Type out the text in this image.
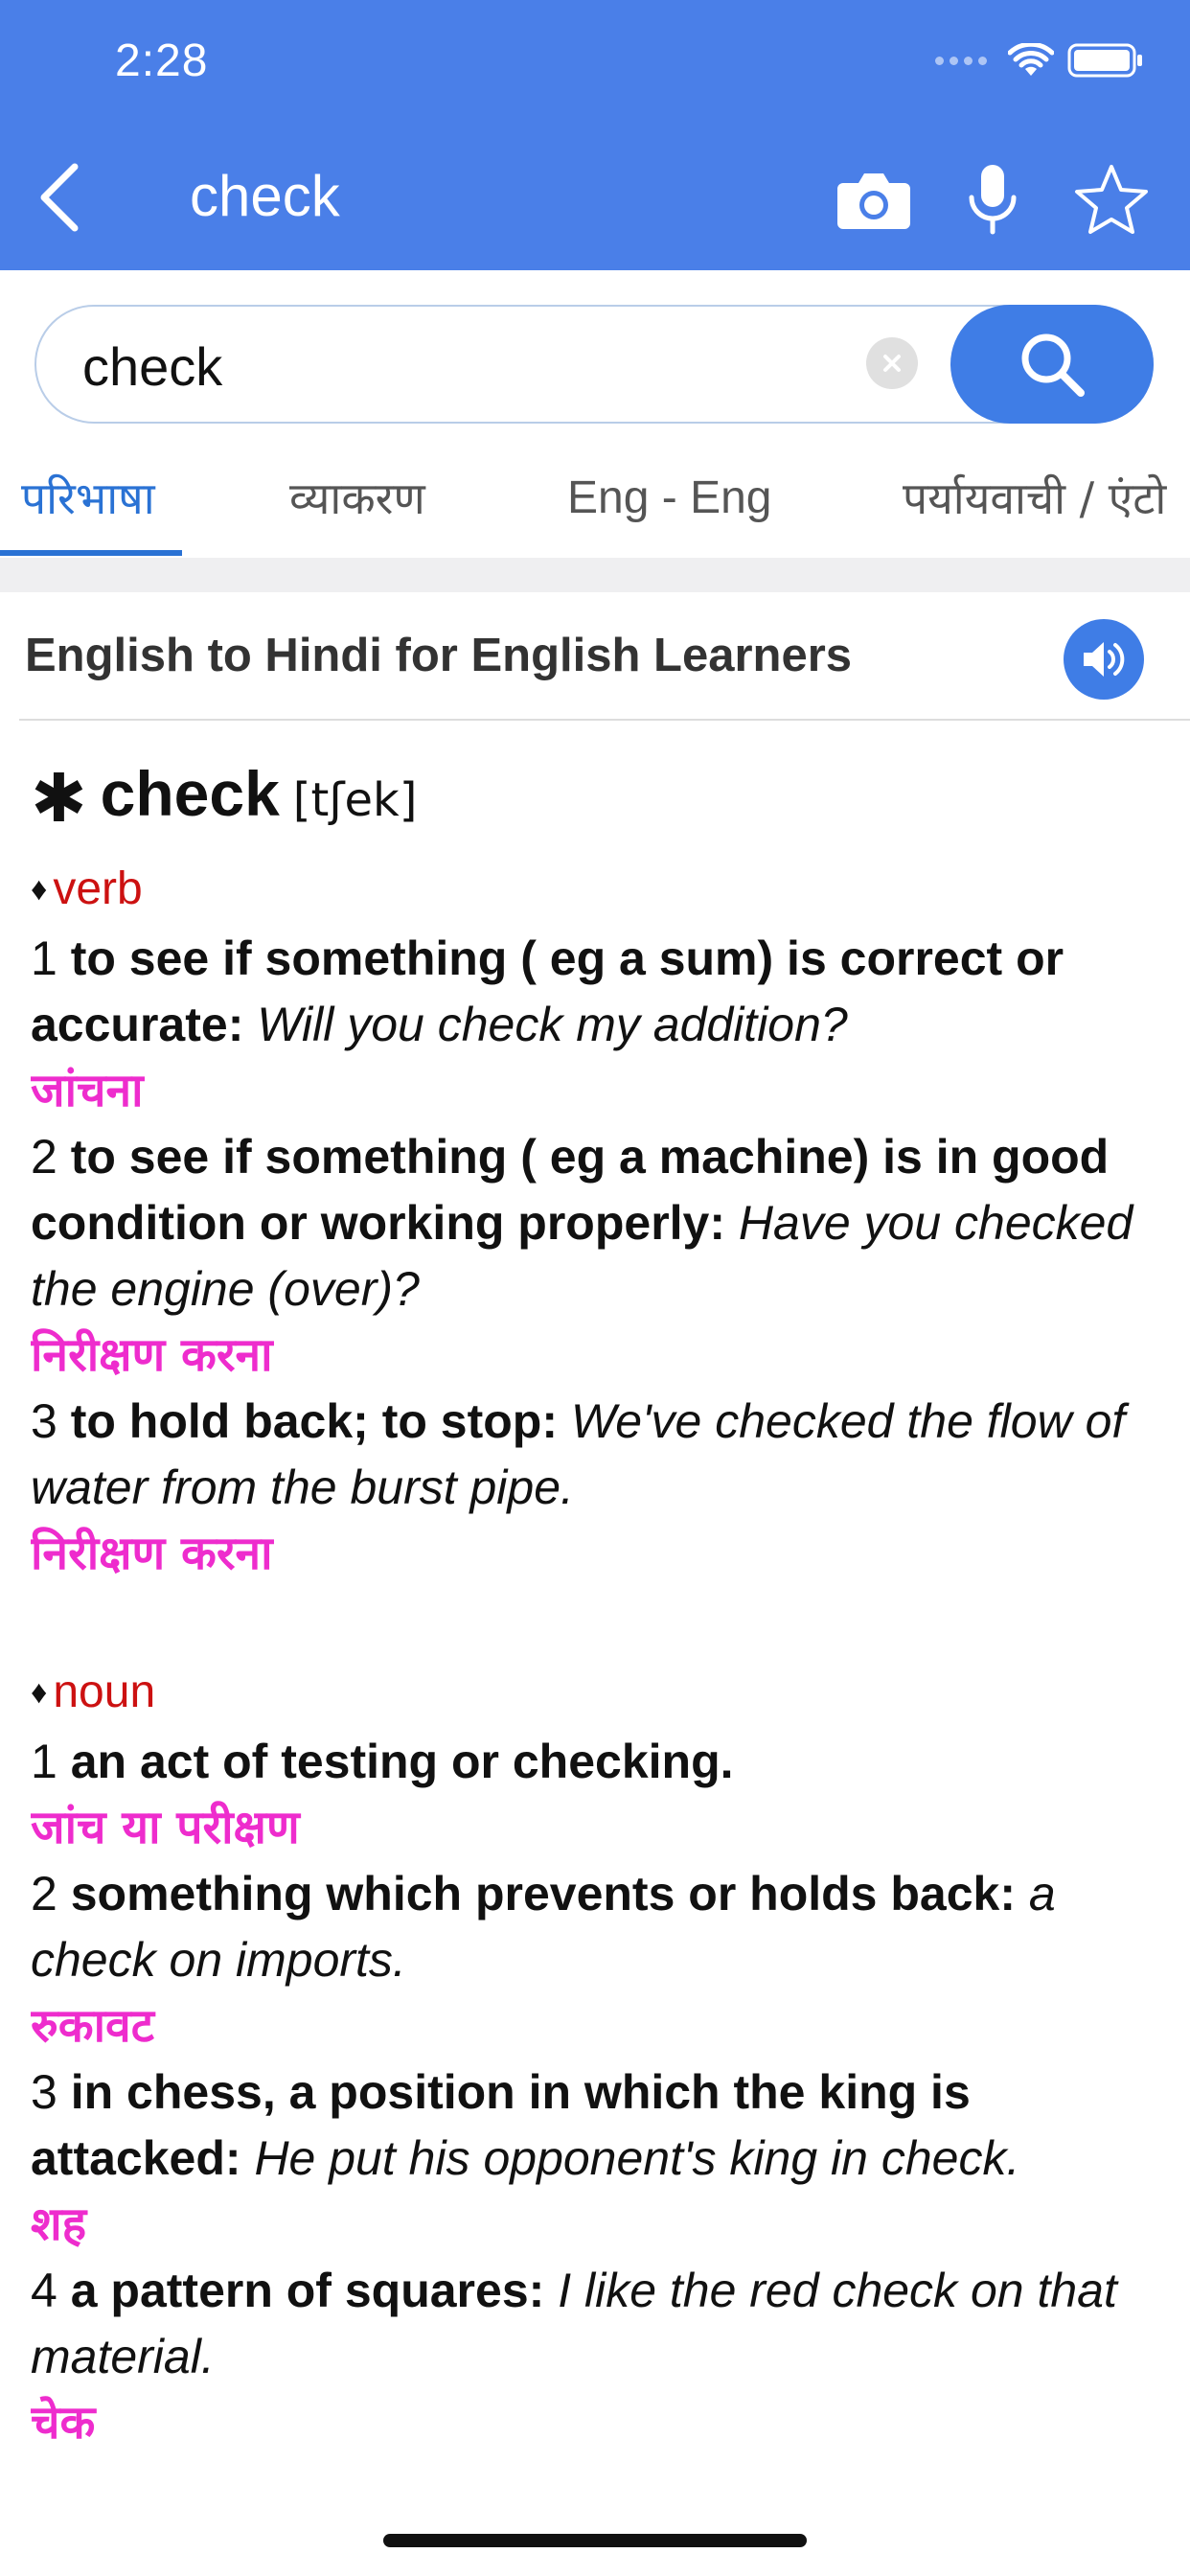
2:28
check
check
परिभाषा	व्याकरण	Eng - Eng	पर्यायवाची / एंटो
English to Hindi for English Learners
✱ check [tʃek]
♦ verb
1 to see if something ( eg a sum) is correct or accurate: Will you check my addition?
जांचना
2 to see if something ( eg a machine) is in good condition or working properly: Have you checked the engine (over)?
निरीक्षण करना
3 to hold back; to stop: We've checked the flow of water from the burst pipe.
निरीक्षण करना
♦ noun
1 an act of testing or checking.
जांच या परीक्षण
2 something which prevents or holds back: a check on imports.
रुकावट
3 in chess, a position in which the king is attacked: He put his opponent's king in check.
शह
4 a pattern of squares: I like the red check on that material.
चेक
